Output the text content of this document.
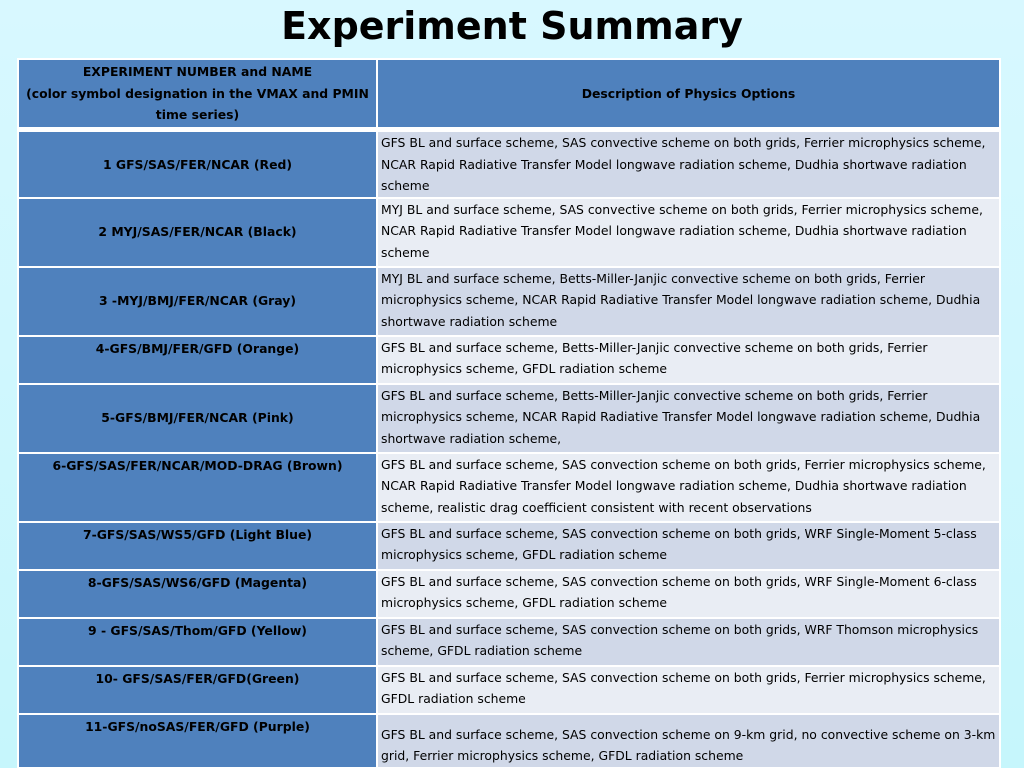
Experiment Summary
EXPERIMENT NUMBER and NAME
(color symbol designation in the VMAX and PMIN
time series)	Description of Physics Options
1 GFS/SAS/FER/NCAR (Red)	GFS BL and surface scheme, SAS convective scheme on both grids, Ferrier microphysics scheme, NCAR Rapid Radiative Transfer Model longwave radiation scheme, Dudhia shortwave radiation scheme
2 MYJ/SAS/FER/NCAR (Black)	MYJ BL and surface scheme, SAS convective scheme on both grids, Ferrier microphysics scheme, NCAR Rapid Radiative Transfer Model longwave radiation scheme, Dudhia shortwave radiation scheme
3 -MYJ/BMJ/FER/NCAR (Gray)	MYJ BL and surface scheme, Betts-Miller-Janjic convective scheme on both grids, Ferrier microphysics scheme, NCAR Rapid Radiative Transfer Model longwave radiation scheme, Dudhia shortwave radiation scheme
4-GFS/BMJ/FER/GFD (Orange)	GFS BL and surface scheme, Betts-Miller-Janjic convective scheme on both grids, Ferrier microphysics scheme, GFDL radiation scheme
5-GFS/BMJ/FER/NCAR (Pink)	GFS BL and surface scheme, Betts-Miller-Janjic convective scheme on both grids, Ferrier microphysics scheme, NCAR Rapid Radiative Transfer Model longwave radiation scheme, Dudhia shortwave radiation scheme,
6-GFS/SAS/FER/NCAR/MOD-DRAG (Brown)	GFS BL and surface scheme, SAS convection scheme on both grids, Ferrier microphysics scheme, NCAR Rapid Radiative Transfer Model longwave radiation scheme, Dudhia shortwave radiation scheme, realistic drag coefficient consistent with recent observations
7-GFS/SAS/WS5/GFD (Light Blue)	GFS BL and surface scheme, SAS convection scheme on both grids, WRF Single-Moment 5-class microphysics scheme, GFDL radiation scheme
8-GFS/SAS/WS6/GFD (Magenta)	GFS BL and surface scheme, SAS convection scheme on both grids, WRF Single-Moment 6-class microphysics scheme, GFDL radiation scheme
9 - GFS/SAS/Thom/GFD (Yellow)	GFS BL and surface scheme, SAS convection scheme on both grids, WRF Thomson microphysics scheme, GFDL radiation scheme
10- GFS/SAS/FER/GFD(Green)	GFS BL and surface scheme, SAS convection scheme on both grids, Ferrier microphysics scheme, GFDL radiation scheme
11-GFS/noSAS/FER/GFD (Purple)	GFS BL and surface scheme, SAS convection scheme on 9-km grid, no convective scheme on 3-km grid, Ferrier microphysics scheme, GFDL radiation scheme
